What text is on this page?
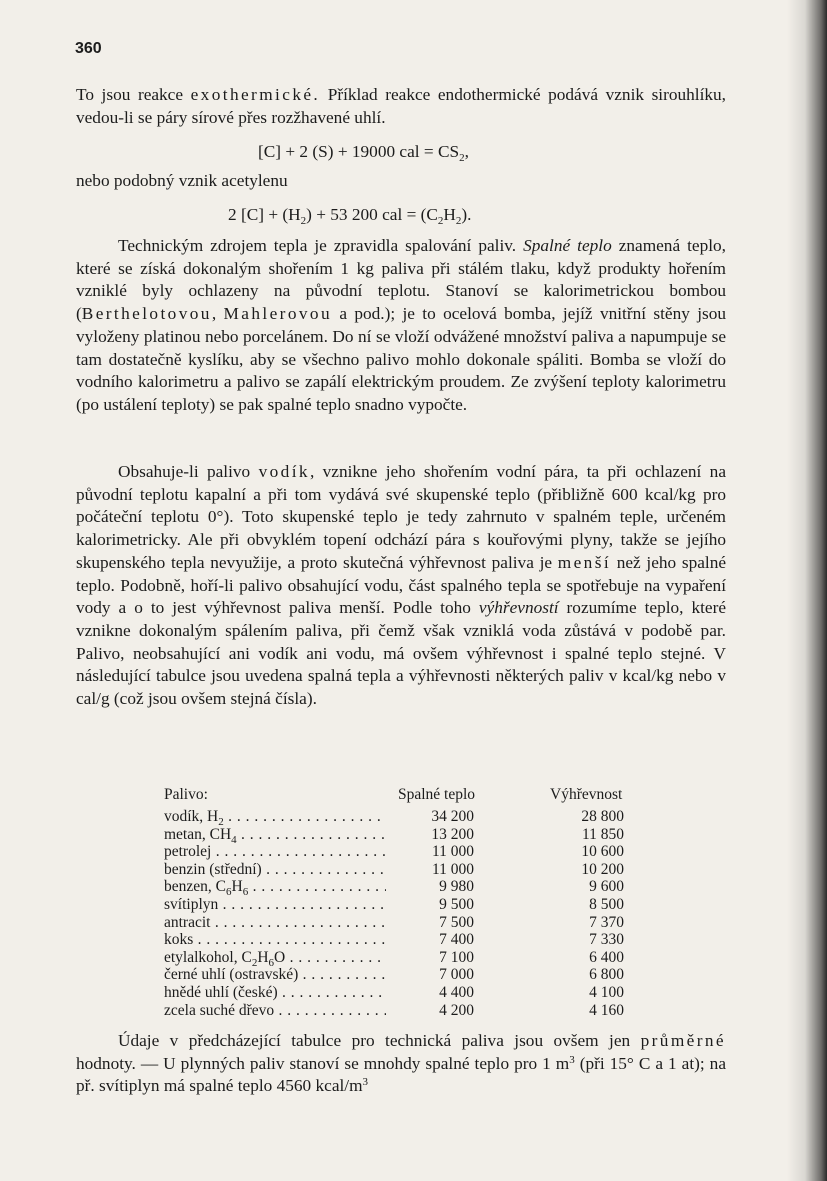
360

To jsou reakce exothermické. Příklad reakce endothermické podává vznik sirouhlíku, vedou-li se páry sírové přes rozžhavené uhlí.

[C] + 2 (S) + 19000 cal = $CS_2$,

nebo podobný vznik acetylenu

2 $[C] + (H_2) + 53$ 200 cal = $(C_2H_2)$.

Technickým zdrojem tepla je zpravidla spalování paliv. Spalné teplo znamená teplo, které se získá dokonalým shořením 1 kg paliva při stálém tlaku, když produkty hořením vzniklé byly ochlazeny na původní teplotu. Stanoví se kalorimetrickou bombou (Berthelotovou, Mahlerovou a pod.); je to ocelová bomba, jejíž vnitřní stěny jsou vyloženy platinou nebo porcelánem. Do ní se vloží odvážené množství paliva a napumpuje se tam dostatečně kyslíku, aby se všechno palivo mohlo dokonale spáliti. Bomba se vloží do vodního kalorimetru a palivo se zapálí elektrickým proudem. Ze zvýšení teploty kalorimetru (po ustálení teploty) se pak spalné teplo snadno vypočte.

Obsahuje-li palivo vodík, vznikne jeho shořením vodní pára, ta při ochlazení na původní teplotu kapalní a při tom vydává své skupenské teplo (přibližně 600 kcal/kg pro počáteční teplotu 0°). Toto skupenské teplo je tedy zahrnuto v spalném teple, určeném kalorimetricky. Ale při obvyklém topení odchází pára s kouřovými plyny, takže se jejího skupenského tepla nevyužije, a proto skutečná výhřevnost paliva je menší než jeho spalné teplo. Podobně, hoří-li palivo obsahující vodu, část spalného tepla se spotřebuje na vypaření vody a o to jest výhřevnost paliva menší. Podle toho výhřevností rozumíme teplo, které vznikne dokonalým spálením paliva, při čemž však vzniklá voda zůstává v podobě par. Palivo, neobsahující ani vodík ani vodu, má ovšem výhřevnost i spalné teplo stejné. V následující tabulce jsou uvedena spalná tepla a výhřevnosti některých paliv v kcal/kg nebo v cal/g (což jsou ovšem stejná čísla).

Palivo:	Spalné teplo	Výhřevnost
vodík, $H_2$ . . .	34 200	28 800
metan, $CH_4$ . . .	13 200	11 850
petrolej . . .	11 000	10 600
benzin (střední) . . .	11 000	10 200
benzen, $C_6H_6$ . . .	9 980	9 600
svítiplyn . . .	9 500	8 500
antracit . . .	7 500	7 370
koks . . .	7 400	7 330
etylalkohol, $C_2H_6O$ . . .	7 100	6 400
černé uhlí (ostravské) . . .	7 000	6 800
hnědé uhlí (české) . . .	4 400	4 100
zcela suché dřevo . . .	4 200	4 160

Údaje v předcházející tabulce pro technická paliva jsou ovšem jen průměrné hodnoty. — U plynných paliv stanoví se mnohdy spalné teplo pro 1 $m^3$ (při 15° C a 1 at); na př. svítiplyn má spalné teplo 4560 kcal/$m^3$
